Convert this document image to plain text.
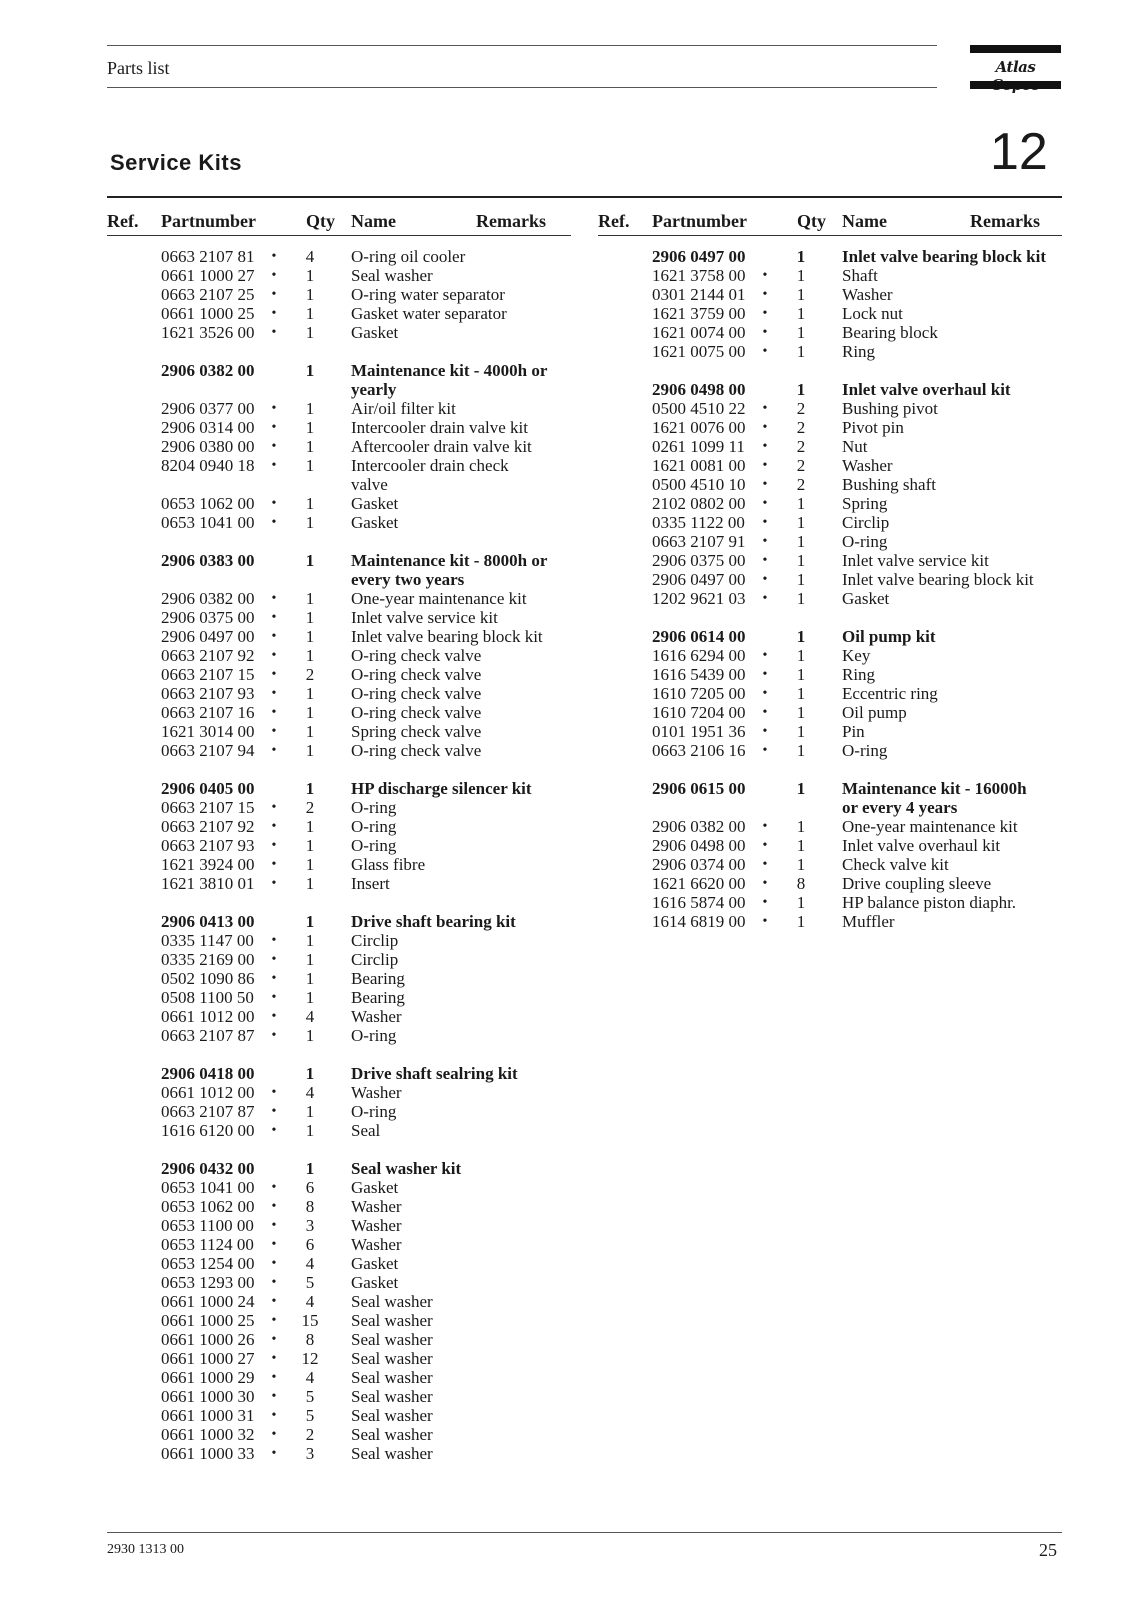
Parts list	Atlas
Service Kits	12
Ref. Partnumber	Qty Name	Remarks
0663 2107 81 •	4	O-ring oil cooler
0661 1000 27 •	1	Seal washer
0663 2107 25 •	1	O-ring water separator
0661 1000 25 •	1	Gasket water separator
1621 3526 00 •	1	Gasket
2906 0382 00	1	Maintenance kit - 4000h or
yearly
2906 0377 00 •	1	Air/oil filter kit
2906 0314 00 •	1	Intercooler drain valve kit
2906 0380 00 •	1	Aftercooler drain valve kit
8204 0940 18 •	1	Intercooler drain check
valve
0653 1062 00 •	1	Gasket
0653 1041 00 •	1	Gasket
2906 0383 00	1	Maintenance kit - 8000h or
every two years
2906 0382 00 •	1	One-year maintenance kit
2906 0375 00 •	1	Inlet valve service kit
2906 0497 00 •	1	Inlet valve bearing block kit
0663 2107 92 •	1	O-ring check valve
0663 2107 15 •	2	O-ring check valve
0663 2107 93 •	1	O-ring check valve
0663 2107 16 •	1	O-ring check valve
1621 3014 00 •	1	Spring check valve
0663 2107 94 •	1	O-ring check valve
2906 0405 00	1	HP discharge silencer kit
0663 2107 15 •	2	O-ring
0663 2107 92 •	1	O-ring
0663 2107 93 •	1	O-ring
1621 3924 00 •	1	Glass fibre
1621 3810 01 •	1	Insert
2906 0413 00	1	Drive shaft bearing kit
0335 1147 00 •	1	Circlip
0335 2169 00 •	1	Circlip
0502 1090 86 •	1	Bearing
0508 1100 50 •	1	Bearing
0661 1012 00 •	4	Washer
0663 2107 87 •	1	O-ring
2906 0418 00	1	Drive shaft sealring kit
0661 1012 00 •	4	Washer
0663 2107 87 •	1	O-ring
1616 6120 00 •	1	Seal
2906 0432 00	1	Seal washer kit
0653 1041 00 •	6	Gasket
0653 1062 00 •	8	Washer
0653 1100 00 •	3	Washer
0653 1124 00 •	6	Washer
0653 1254 00 •	4	Gasket
0653 1293 00 •	5	Gasket
0661 1000 24 •	4	Seal washer
0661 1000 25 • 15 Seal washer
0661 1000 26 •	8	Seal washer
0661 1000 27 • 12 Seal washer
0661 1000 29 •	4	Seal washer
0661 1000 30 •	5	Seal washer
0661 1000 31 •	5	Seal washer
0661 1000 32 •	2	Seal washer
0661 1000 33 •	3	Seal washer
Ref. Partnumber	Qty Name	Remarks
2906 0497 00	1	Inlet valve bearing block kit
1621 3758 00 •	1	Shaft
0301 2144 01 •	1	Washer
1621 3759 00 •	1	Lock nut
1621 0074 00 •	1	Bearing block
1621 0075 00 •	1	Ring
2906 0498 00	1	Inlet valve overhaul kit
0500 4510 22 •	2	Bushing pivot
1621 0076 00 •	2	Pivot pin
0261 1099 11 •	2	Nut
1621 0081 00 •	2	Washer
0500 4510 10 •	2	Bushing shaft
2102 0802 00 •	1	Spring
0335 1122 00 •	1	Circlip
0663 2107 91 •	1	O-ring
2906 0375 00 •	1	Inlet valve service kit
2906 0497 00 •	1	Inlet valve bearing block kit
1202 9621 03 •	1	Gasket
2906 0614 00	1	Oil pump kit
1616 6294 00 •	1	Key
1616 5439 00 •	1	Ring
1610 7205 00 •	1	Eccentric ring
1610 7204 00 •	1	Oil pump
0101 1951 36 •	1	Pin
0663 2106 16 •	1	O-ring
2906 0615 00	1	Maintenance kit - 16000h
or every 4 years
2906 0382 00 •	1	One-year maintenance kit
2906 0498 00 •	1	Inlet valve overhaul kit
2906 0374 00 •	1	Check valve kit
1621 6620 00 •	8	Drive coupling sleeve
1616 5874 00 •	1	HP balance piston diaphr.
1614 6819 00 •	1	Muffler
2930 1313 00	25
